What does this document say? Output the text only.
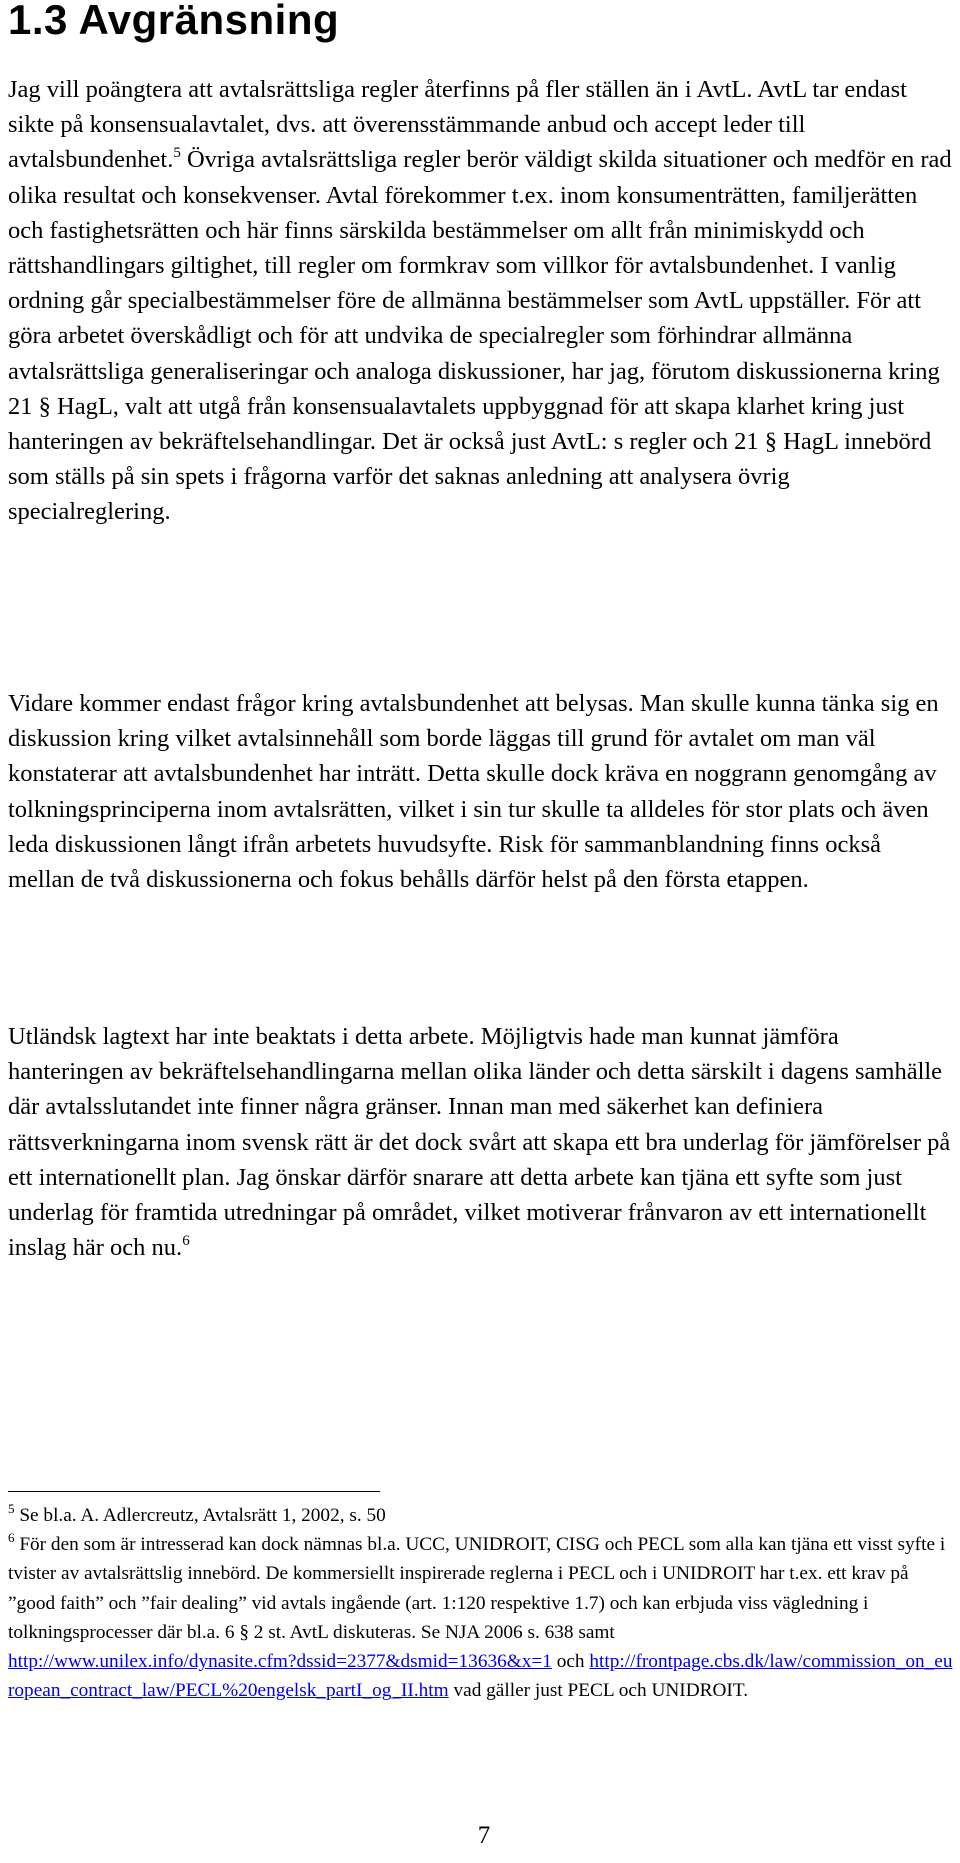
1.3 Avgränsning

Jag vill poängtera att avtalsrättsliga regler återfinns på fler ställen än i AvtL. AvtL tar endast sikte på konsensualavtalet, dvs. att överensstämmande anbud och accept leder till avtalsbundenhet.$^5$ Övriga avtalsrättsliga regler berör väldigt skilda situationer och medför en rad olika resultat och konsekvenser. Avtal förekommer t.ex. inom konsumenträtten, familjerätten och fastighetsrätten och här finns särskilda bestämmelser om allt från minimiskydd och rättshandlingars giltighet, till regler om formkrav som villkor för avtalsbundenhet. I vanlig ordning går specialbestämmelser före de allmänna bestämmelser som AvtL uppställer. För att göra arbetet överskådligt och för att undvika de specialregler som förhindrar allmänna avtalsrättsliga generaliseringar och analoga diskussioner, har jag, förutom diskussionerna kring 21 § HagL, valt att utgå från konsensualavtalets uppbyggnad för att skapa klarhet kring just hanteringen av bekräftelsehandlingar. Det är också just AvtL: s regler och 21 § HagL innebörd som ställs på sin spets i frågorna varför det saknas anledning att analysera övrig specialreglering.

Vidare kommer endast frågor kring avtalsbundenhet att belysas. Man skulle kunna tänka sig en diskussion kring vilket avtalsinnehåll som borde läggas till grund för avtalet om man väl konstaterar att avtalsbundenhet har inträtt. Detta skulle dock kräva en noggrann genomgång av tolkningsprinciperna inom avtalsrätten, vilket i sin tur skulle ta alldeles för stor plats och även leda diskussionen långt ifrån arbetets huvudsyfte. Risk för sammanblandning finns också mellan de två diskussionerna och fokus behålls därför helst på den första etappen.

Utländsk lagtext har inte beaktats i detta arbete. Möjligtvis hade man kunnat jämföra hanteringen av bekräftelsehandlingarna mellan olika länder och detta särskilt i dagens samhälle där avtalsslutandet inte finner några gränser. Innan man med säkerhet kan definiera rättsverkningarna inom svensk rätt är det dock svårt att skapa ett bra underlag för jämförelser på ett internationellt plan. Jag önskar därför snarare att detta arbete kan tjäna ett syfte som just underlag för framtida utredningar på området, vilket motiverar frånvaron av ett internationellt inslag här och nu.$^6$

$^5$ Se bl.a. A. Adlercreutz, Avtalsrätt 1, 2002, s. 50

$^6$ För den som är intresserad kan dock nämnas bl.a. UCC, UNIDROIT, CISG och PECL som alla kan tjäna ett visst syfte i tvister av avtalsrättslig innebörd. De kommersiellt inspirerade reglerna i PECL och i UNIDROIT har t.ex. ett krav på ”good faith” och ”fair dealing” vid avtals ingående (art. 1:120 respektive 1.7) och kan erbjuda viss vägledning i tolkningsprocesser där bl.a. 6 § 2 st. AvtL diskuteras. Se NJA 2006 s. 638 samt http://www.unilex.info/dynasite.cfm?dssid=2377&dsmid=13636&x=1 och http://frontpage.cbs.dk/law/commission_on_european_contract_law/PECL%20engelsk_partI_og_II.htm vad gäller just PECL och UNIDROIT.

7
